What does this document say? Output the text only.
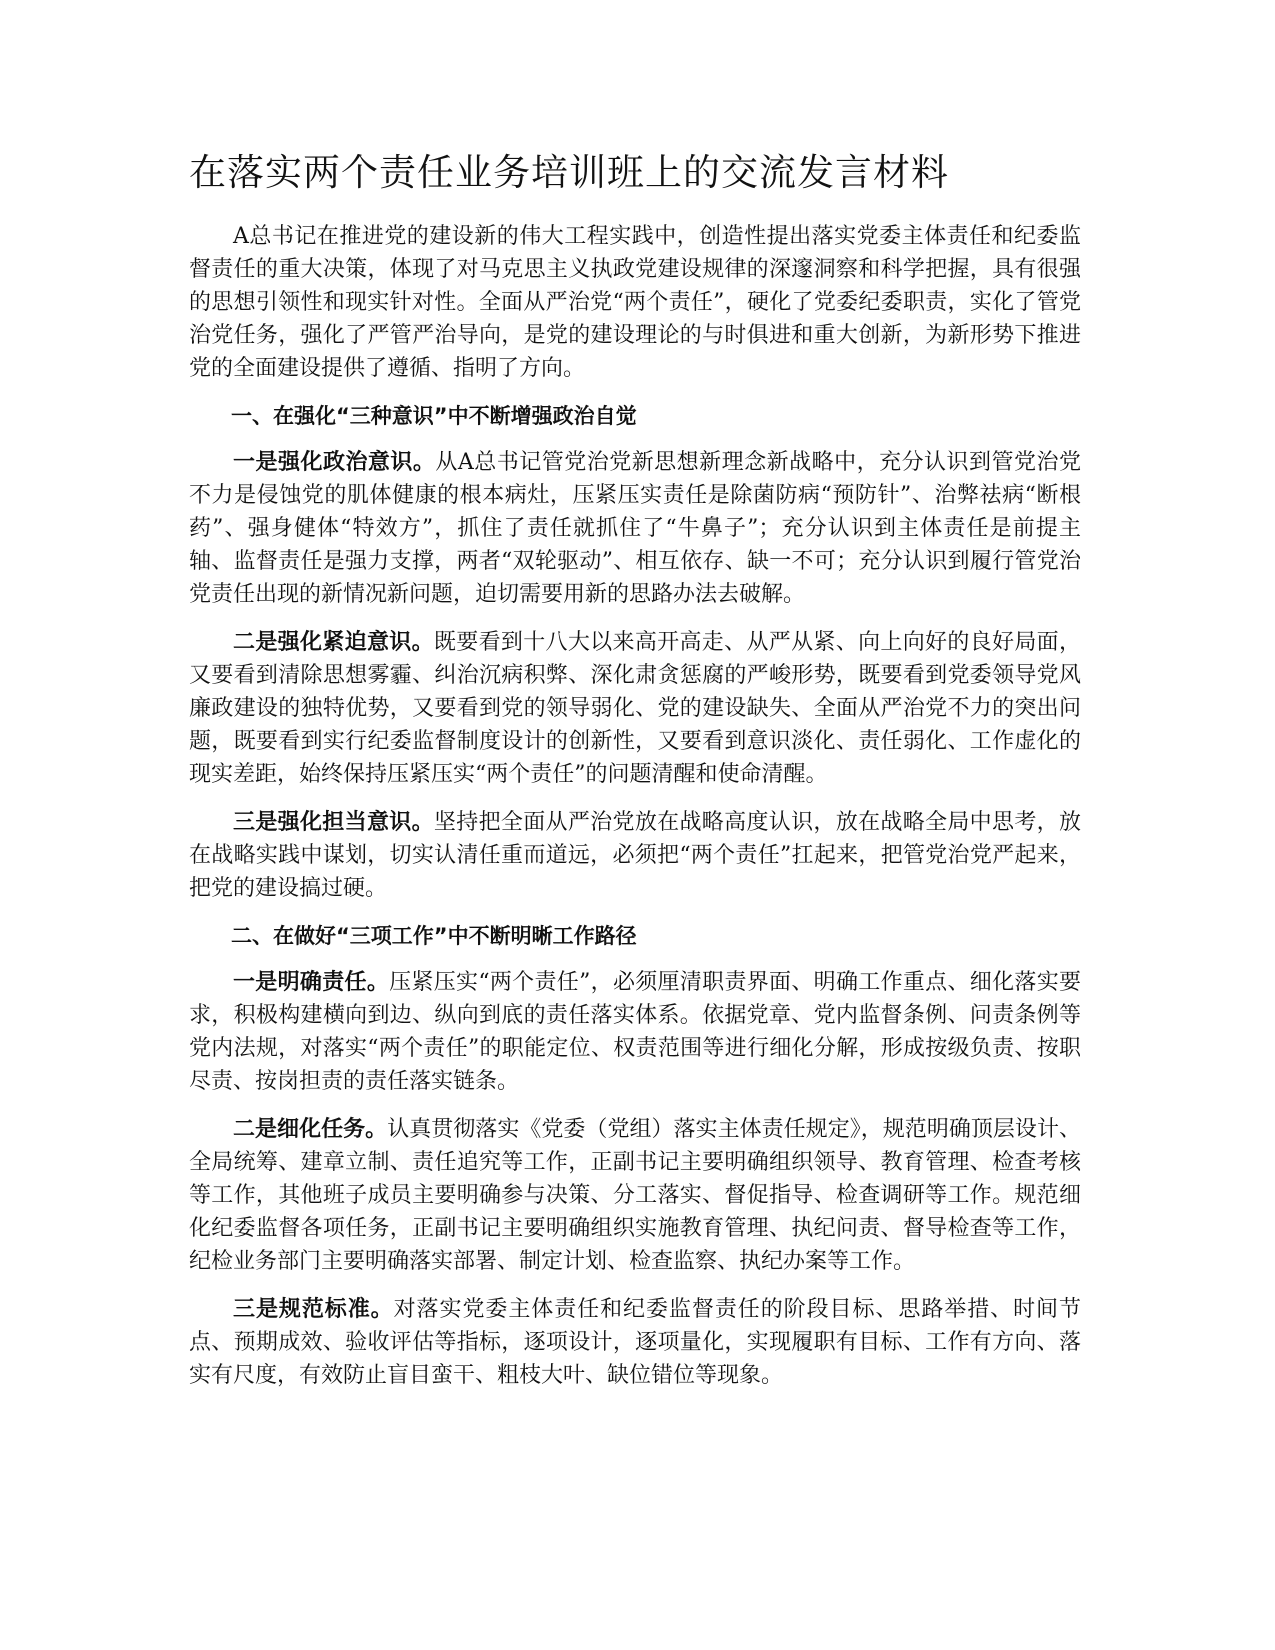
在落实两个责任业务培训班上的交流发言材料

A总书记在推进党的建设新的伟大工程实践中，创造性提出落实党委主体责任和纪委监督责任的重大决策，体现了对马克思主义执政党建设规律的深邃洞察和科学把握，具有很强的思想引领性和现实针对性。全面从严治党“两个责任”，硬化了党委纪委职责，实化了管党治党任务，强化了严管严治导向，是党的建设理论的与时俱进和重大创新，为新形势下推进党的全面建设提供了遵循、指明了方向。

一、在强化“三种意识”中不断增强政治自觉

一是强化政治意识。从A总书记管党治党新思想新理念新战略中，充分认识到管党治党不力是侵蚀党的肌体健康的根本病灶，压紧压实责任是除菌防病“预防针”、治弊祛病“断根药”、强身健体“特效方”，抓住了责任就抓住了“牛鼻子”；充分认识到主体责任是前提主轴、监督责任是强力支撑，两者“双轮驱动”、相互依存、缺一不可；充分认识到履行管党治党责任出现的新情况新问题，迫切需要用新的思路办法去破解。

二是强化紧迫意识。既要看到十八大以来高开高走、从严从紧、向上向好的良好局面，又要看到清除思想雾霾、纠治沉病积弊、深化肃贪惩腐的严峻形势，既要看到党委领导党风廉政建设的独特优势，又要看到党的领导弱化、党的建设缺失、全面从严治党不力的突出问题，既要看到实行纪委监督制度设计的创新性，又要看到意识淡化、责任弱化、工作虚化的现实差距，始终保持压紧压实“两个责任”的问题清醒和使命清醒。

三是强化担当意识。坚持把全面从严治党放在战略高度认识，放在战略全局中思考，放在战略实践中谋划，切实认清任重而道远，必须把“两个责任”扛起来，把管党治党严起来，把党的建设搞过硬。

二、在做好“三项工作”中不断明晰工作路径

一是明确责任。压紧压实“两个责任”，必须厘清职责界面、明确工作重点、细化落实要求，积极构建横向到边、纵向到底的责任落实体系。依据党章、党内监督条例、问责条例等党内法规，对落实“两个责任”的职能定位、权责范围等进行细化分解，形成按级负责、按职尽责、按岗担责的责任落实链条。

二是细化任务。认真贯彻落实《党委（党组）落实主体责任规定》，规范明确顶层设计、全局统筹、建章立制、责任追究等工作，正副书记主要明确组织领导、教育管理、检查考核等工作，其他班子成员主要明确参与决策、分工落实、督促指导、检查调研等工作。规范细化纪委监督各项任务，正副书记主要明确组织实施教育管理、执纪问责、督导检查等工作，纪检业务部门主要明确落实部署、制定计划、检查监察、执纪办案等工作。

三是规范标准。对落实党委主体责任和纪委监督责任的阶段目标、思路举措、时间节点、预期成效、验收评估等指标，逐项设计，逐项量化，实现履职有目标、工作有方向、落实有尺度，有效防止盲目蛮干、粗枝大叶、缺位错位等现象。
